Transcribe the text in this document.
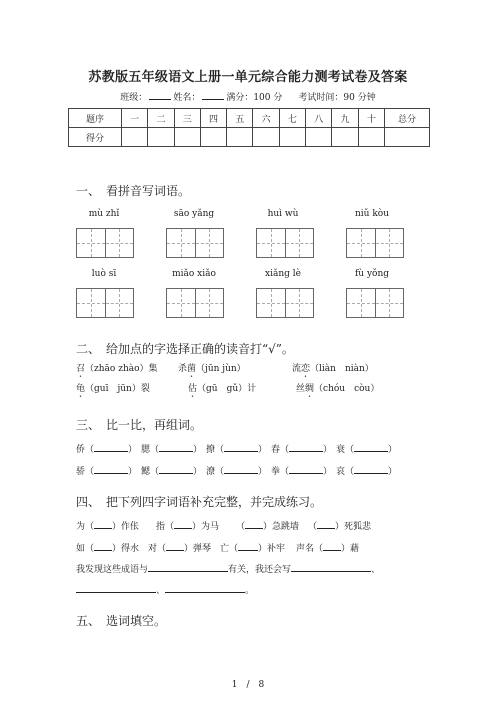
苏教版五年级语文上册一单元综合能力测考试卷及答案
班级：	姓名：	满分：100 分 考试时间：90 分钟
题序	一	二	三	四	五	六	七	八	九	十	总分
得分											
一、 看拼音写词语。
mù zhǐ	sāo yǎng	huì wù	niǔ kòu
luò sī	miǎo xiǎo	xiǎng lè	fù yǒng
二、 给加点的字选择正确的读音打“√”。
召（zhāo zhào）集 杀菌（jūn jùn）	流恋（liàn　niàn）
龟（guī　jūn）裂	估（gū　gǔ）计	丝绸（chóu　còu）
三、 比一比，再组词。
侨（	） 腮（	） 撩（	） 春（	） 衰（	）
骄（	） 鳃（	） 潦（	） 拳（	） 哀（	）
四、 把下列四字词语补充完整，并完成练习。
为（ ）作伥 指（ ）为马 （ ）急跳墙 （ ）死狐悲
如（ ）得水 对（ ）弹琴 亡（ ）补牢 声名（ ）藉
我发现这些成语与	有关，我还会写	、
、	。
五、 选词填空。
1　/　8
